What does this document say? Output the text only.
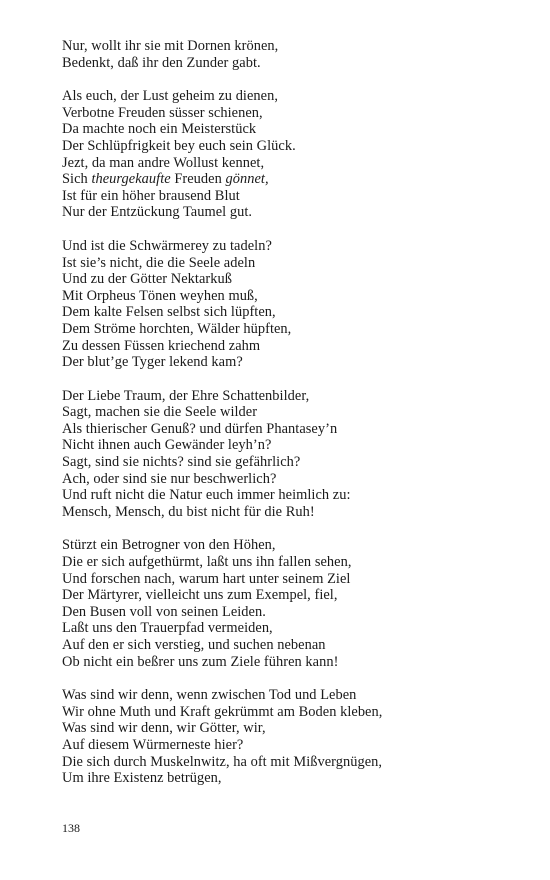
Nur, wollt ihr sie mit Dornen krönen,
Bedenkt, daß ihr den Zunder gabt.
Als euch, der Lust geheim zu dienen,
Verbotne Freuden süsser schienen,
Da machte noch ein Meisterstück
Der Schlüpfrigkeit bey euch sein Glück.
Jezt, da man andre Wollust kennet,
Sich theurgekaufte Freuden gönnet,
Ist für ein höher brausend Blut
Nur der Entzückung Taumel gut.
Und ist die Schwärmerey zu tadeln?
Ist sie’s nicht, die die Seele adeln
Und zu der Götter Nektarkuß
Mit Orpheus Tönen weyhen muß,
Dem kalte Felsen selbst sich lüpften,
Dem Ströme horchten, Wälder hüpften,
Zu dessen Füssen kriechend zahm
Der blut’ge Tyger lekend kam?
Der Liebe Traum, der Ehre Schattenbilder,
Sagt, machen sie die Seele wilder
Als thierischer Genuß? und dürfen Phantasey’n
Nicht ihnen auch Gewänder leyh’n?
Sagt, sind sie nichts? sind sie gefährlich?
Ach, oder sind sie nur beschwerlich?
Und ruft nicht die Natur euch immer heimlich zu:
Mensch, Mensch, du bist nicht für die Ruh!
Stürzt ein Betrogner von den Höhen,
Die er sich aufgethürmt, laßt uns ihn fallen sehen,
Und forschen nach, warum hart unter seinem Ziel
Der Märtyrer, vielleicht uns zum Exempel, fiel,
Den Busen voll von seinen Leiden.
Laßt uns den Trauerpfad vermeiden,
Auf den er sich verstieg, und suchen nebenan
Ob nicht ein beßrer uns zum Ziele führen kann!
Was sind wir denn, wenn zwischen Tod und Leben
Wir ohne Muth und Kraft gekrümmt am Boden kleben,
Was sind wir denn, wir Götter, wir,
Auf diesem Würmerneste hier?
Die sich durch Muskelnwitz, ha oft mit Mißvergnügen,
Um ihre Existenz betrügen,
138
